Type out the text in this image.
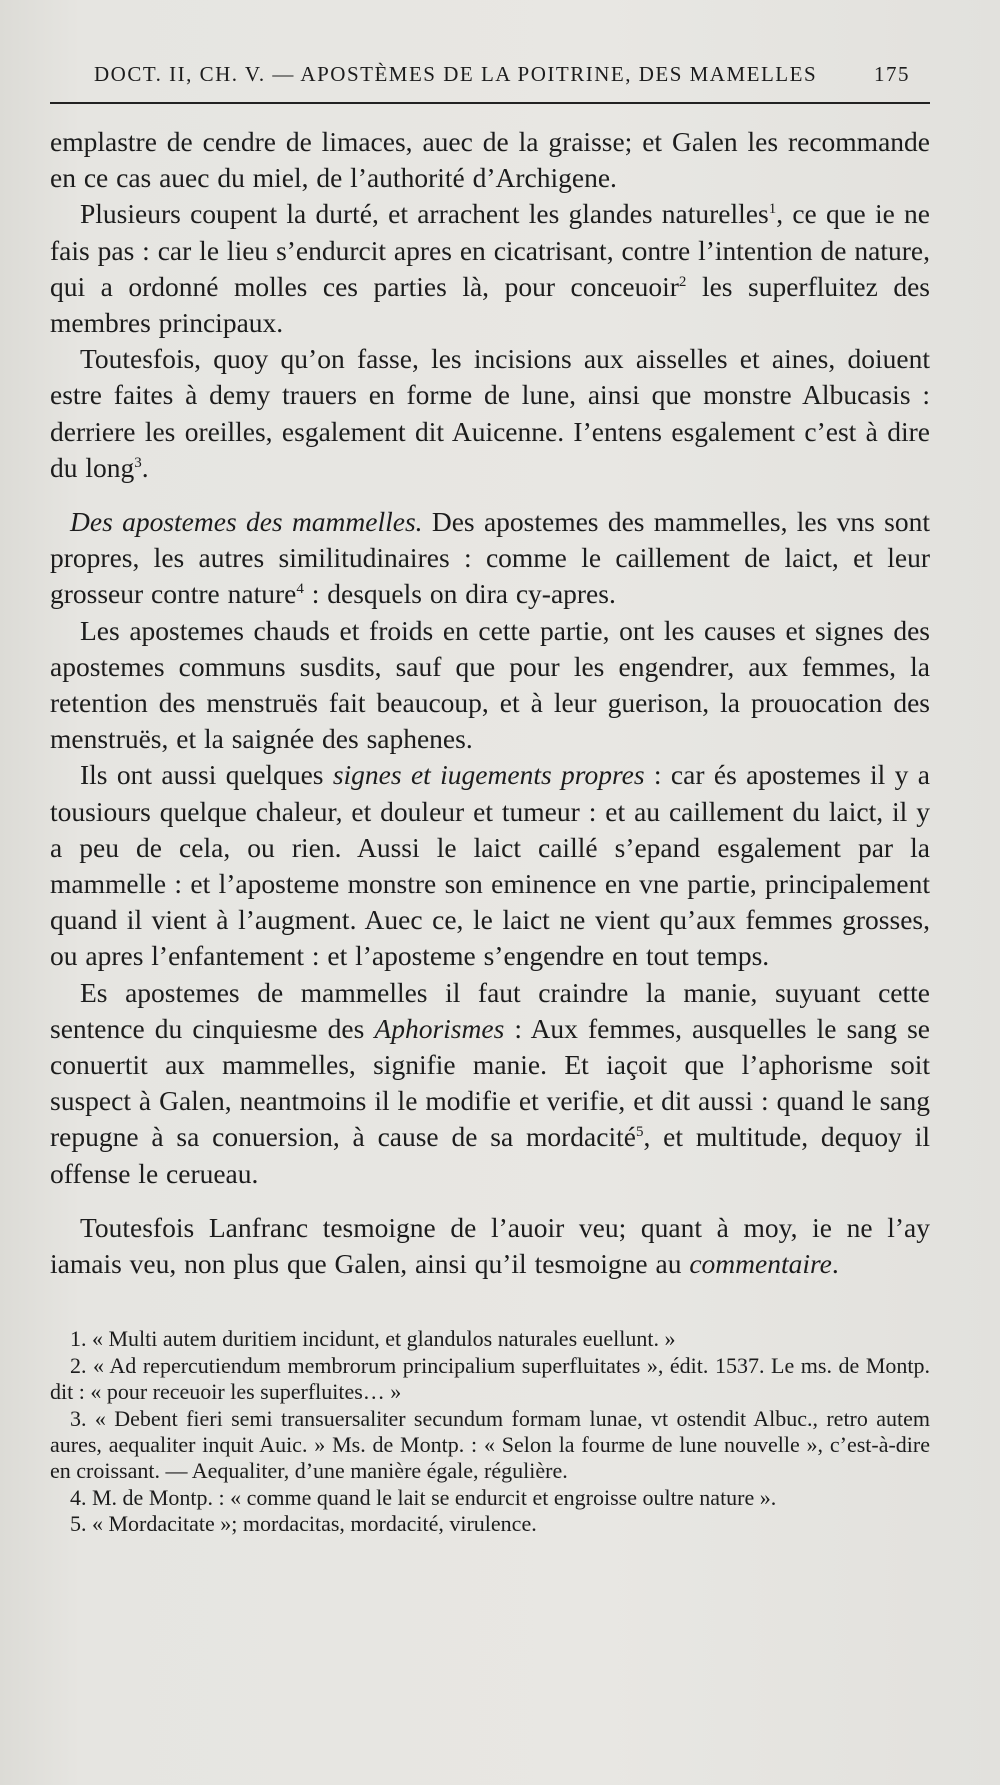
DOCT. II, CH. V. — APOSTÈMES DE LA POITRINE, DES MAMELLES	175

emplastre de cendre de limaces, auec de la graisse; et Galen les recommande en ce cas auec du miel, de l’authorité d’Archigene.

Plusieurs coupent la durté, et arrachent les glandes naturelles$^1$, ce que ie ne fais pas : car le lieu s’endurcit apres en cicatrisant, contre l’intention de nature, qui a ordonné molles ces parties là, pour conceuoir$^2$ les superfluitez des membres principaux.

Toutesfois, quoy qu’on fasse, les incisions aux aisselles et aines, doiuent estre faites à demy trauers en forme de lune, ainsi que monstre Albucasis : derriere les oreilles, esgalement dit Auicenne. I’entens esgalement c’est à dire du long$^3$.

Des apostemes des mammelles. Des apostemes des mammelles, les vns sont propres, les autres similitudinaires : comme le caillement de laict, et leur grosseur contre nature$^4$ : desquels on dira cy-apres.

Les apostemes chauds et froids en cette partie, ont les causes et signes des apostemes communs susdits, sauf que pour les engendrer, aux femmes, la retention des menstruës fait beaucoup, et à leur guerison, la prouocation des menstruës, et la saignée des saphenes.

Ils ont aussi quelques signes et iugements propres : car és apostemes il y a tousiours quelque chaleur, et douleur et tumeur : et au caillement du laict, il y a peu de cela, ou rien. Aussi le laict caillé s’epand esgalement par la mammelle : et l’aposteme monstre son eminence en vne partie, principalement quand il vient à l’augment. Auec ce, le laict ne vient qu’aux femmes grosses, ou apres l’enfantement : et l’aposteme s’engendre en tout temps.

Es apostemes de mammelles il faut craindre la manie, suyuant cette sentence du cinquiesme des Aphorismes : Aux femmes, ausquelles le sang se conuertit aux mammelles, signifie manie. Et iaçoit que l’aphorisme soit suspect à Galen, neantmoins il le modifie et verifie, et dit aussi : quand le sang repugne à sa conuersion, à cause de sa mordacité$^5$, et multitude, dequoy il offense le cerueau.

Toutesfois Lanfranc tesmoigne de l’auoir veu; quant à moy, ie ne l’ay iamais veu, non plus que Galen, ainsi qu’il tesmoigne au commentaire.

1. « Multi autem duritiem incidunt, et glandulos naturales euellunt. »

2. « Ad repercutiendum membrorum principalium superfluitates », édit. 1537. Le ms. de Montp. dit : « pour receuoir les superfluites… »

3. « Debent fieri semi transuersaliter secundum formam lunae, vt ostendit Albuc., retro autem aures, aequaliter inquit Auic. » Ms. de Montp. : « Selon la fourme de lune nouvelle », c’est-à-dire en croissant. — Aequaliter, d’une manière égale, régulière.

4. M. de Montp. : « comme quand le lait se endurcit et engroisse oultre nature ».

5. « Mordacitate »; mordacitas, mordacité, virulence.
